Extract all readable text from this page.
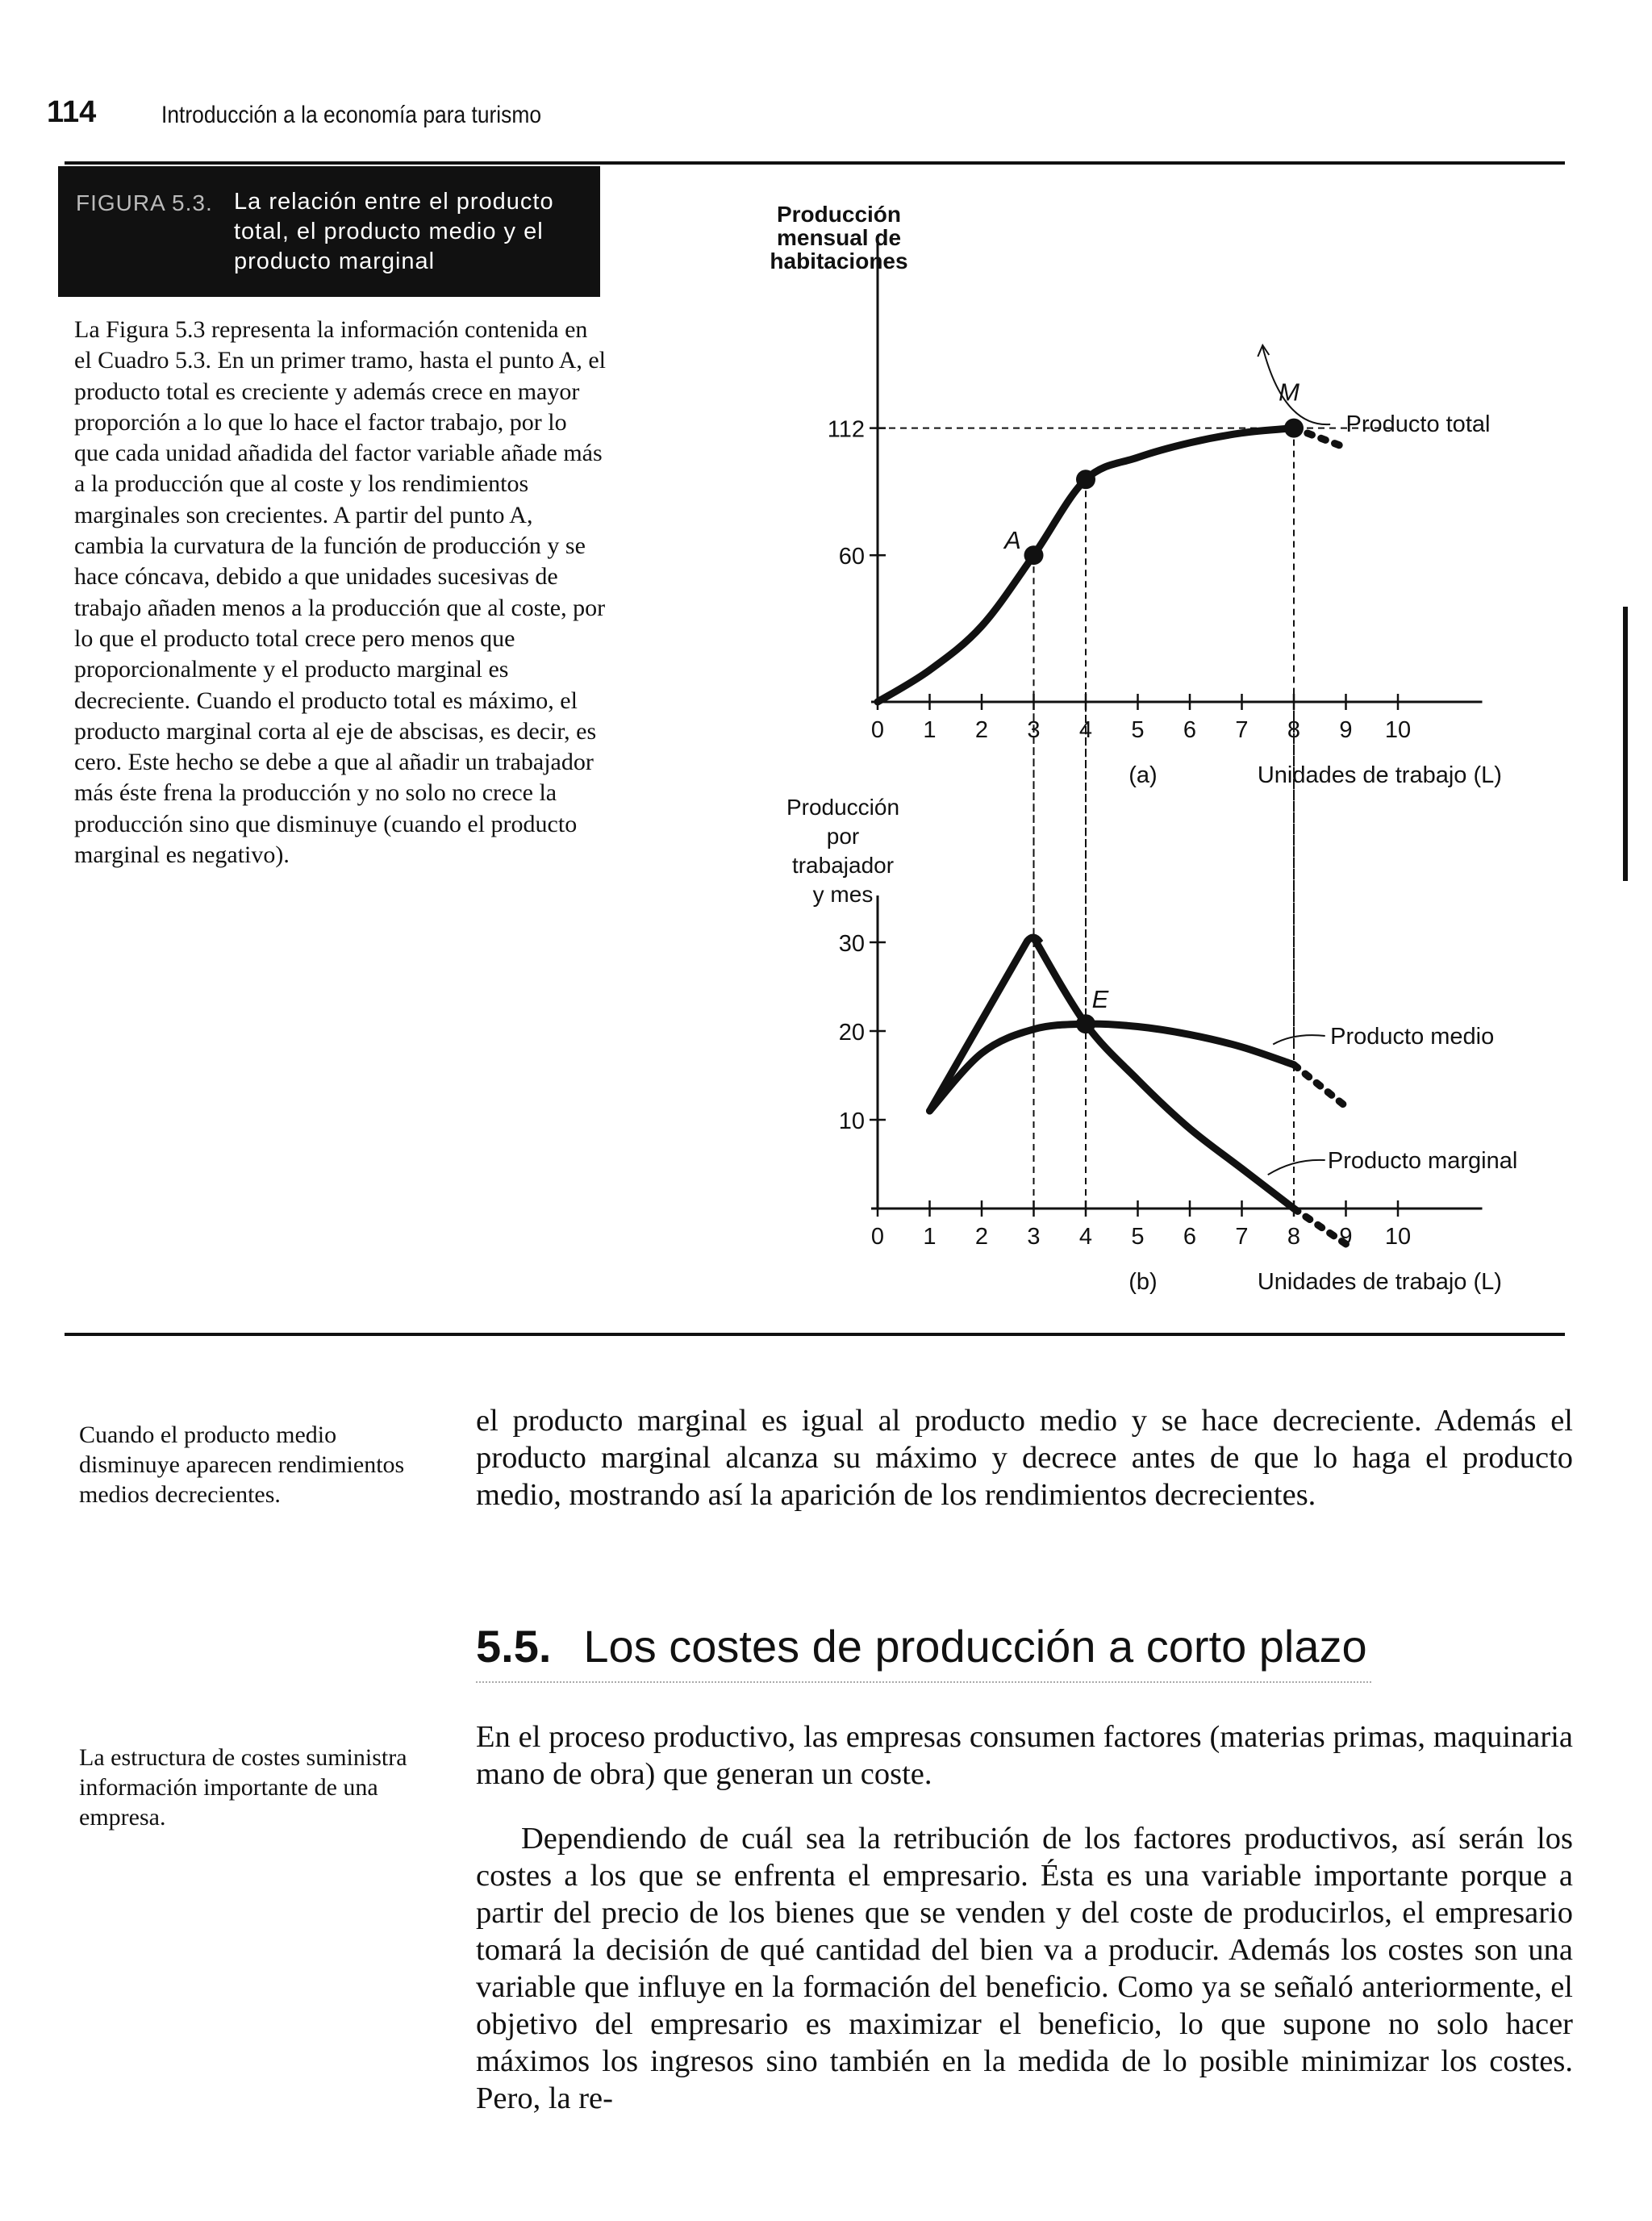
114	Introducción a la economía para turismo
FIGURA 5.3. La relación entre el producto total, el producto medio y el producto marginal
La Figura 5.3 representa la información contenida en el Cuadro 5.3. En un primer tramo, hasta el punto A, el producto total es creciente y además crece en mayor proporción a lo que lo hace el factor trabajo, por lo que cada unidad añadida del factor variable añade más a la producción que al coste y los rendimientos marginales son crecientes. A partir del punto A, cambia la curvatura de la función de producción y se hace cóncava, debido a que unidades sucesivas de trabajo añaden menos a la producción que al coste, por lo que el producto total crece pero menos que proporcionalmente y el producto marginal es decreciente. Cuando el producto total es máximo, el producto marginal corta al eje de abscisas, es decir, es cero. Este hecho se debe a que al añadir un trabajador más éste frena la producción y no solo no crece la producción sino que disminuye (cuando el producto marginal es negativo).
Producción
mensual de
habitaciones
0 1 2 3 4 5 6 7 8 9 10
60
112
(a)	Unidades de trabajo (L)
A
M
Producto total
Producción
por
trabajador
y mes
0 1 2 3 4 5 6 7 8 9 10
10
20
30
(b)	Unidades de trabajo (L)
E
Producto medio
Producto marginal
Cuando el producto medio disminuye aparecen rendimientos medios decrecientes.
La estructura de costes suministra información importante de una empresa.
el producto marginal es igual al producto medio y se hace decreciente. Además el producto marginal alcanza su máximo y decrece antes de que lo haga el producto medio, mostrando así la aparición de los rendimientos decrecientes.
5.5. Los costes de producción a corto plazo
En el proceso productivo, las empresas consumen factores (materias primas, maquinaria mano de obra) que generan un coste.
Dependiendo de cuál sea la retribución de los factores productivos, así serán los costes a los que se enfrenta el empresario. Ésta es una variable importante porque a partir del precio de los bienes que se venden y del coste de producirlos, el empresario tomará la decisión de qué cantidad del bien va a producir. Además los costes son una variable que influye en la formación del beneficio. Como ya se señaló anteriormente, el objetivo del empresario es maximizar el beneficio, lo que supone no solo hacer máximos los ingresos sino también en la medida de lo posible minimizar los costes. Pero, la re-
